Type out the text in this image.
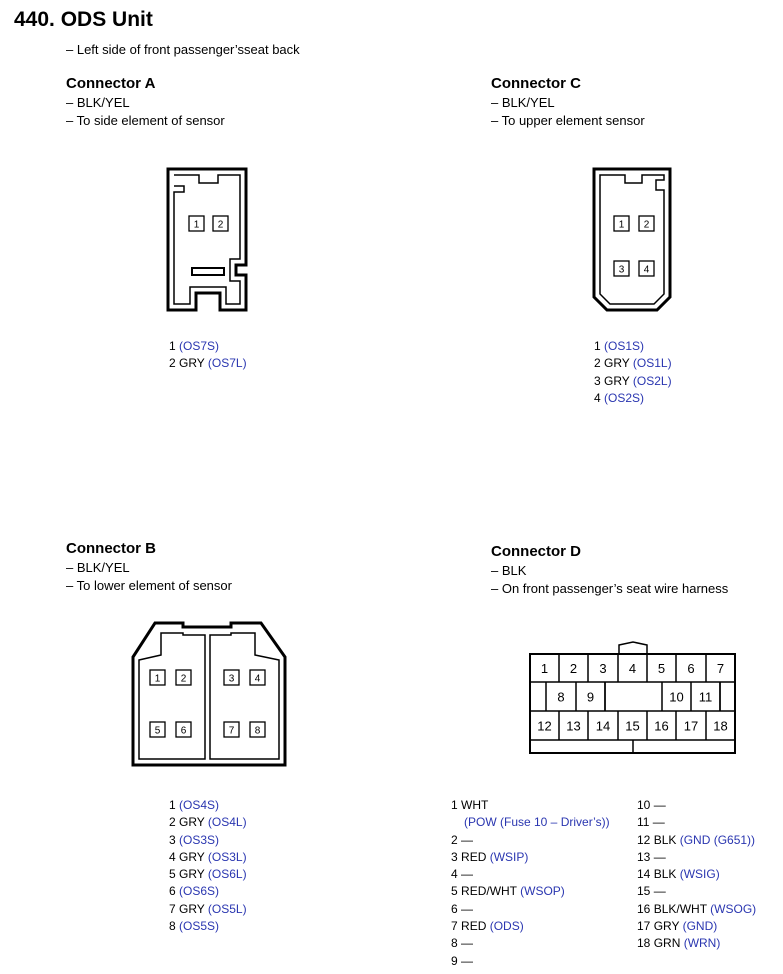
440. ODS Unit
– Left side of front passenger’sseat back
Connector A
– BLK/YEL
– To side element of sensor
Connector C
– BLK/YEL
– To upper element sensor
Connector B
– BLK/YEL
– To lower element of sensor
Connector D
– BLK
– On front passenger’s seat wire harness
1 2	1 2
3 4
1 2	3 4
5 6	7 8
1 2 3 4 5 6 7
8 9	10 11
12 13 14 15 16 17 18
1 (OS7S)
2 GRY (OS7L)
1 (OS1S)
2 GRY (OS1L)
3 GRY (OS2L)
4 (OS2S)
1 (OS4S)
2 GRY (OS4L)
3 (OS3S)
4 GRY (OS3L)
5 GRY (OS6L)
6 (OS6S)
7 GRY (OS5L)
8 (OS5S)
1 WHT
(POW (Fuse 10 – Driver’s))
2 —
3 RED (WSIP)
4 —
5 RED/WHT (WSOP)
6 —
7 RED (ODS)
8 —
9 —
10 —
11 —
12 BLK (GND (G651))
13 —
14 BLK (WSIG)
15 —
16 BLK/WHT (WSOG)
17 GRY (GND)
18 GRN (WRN)
